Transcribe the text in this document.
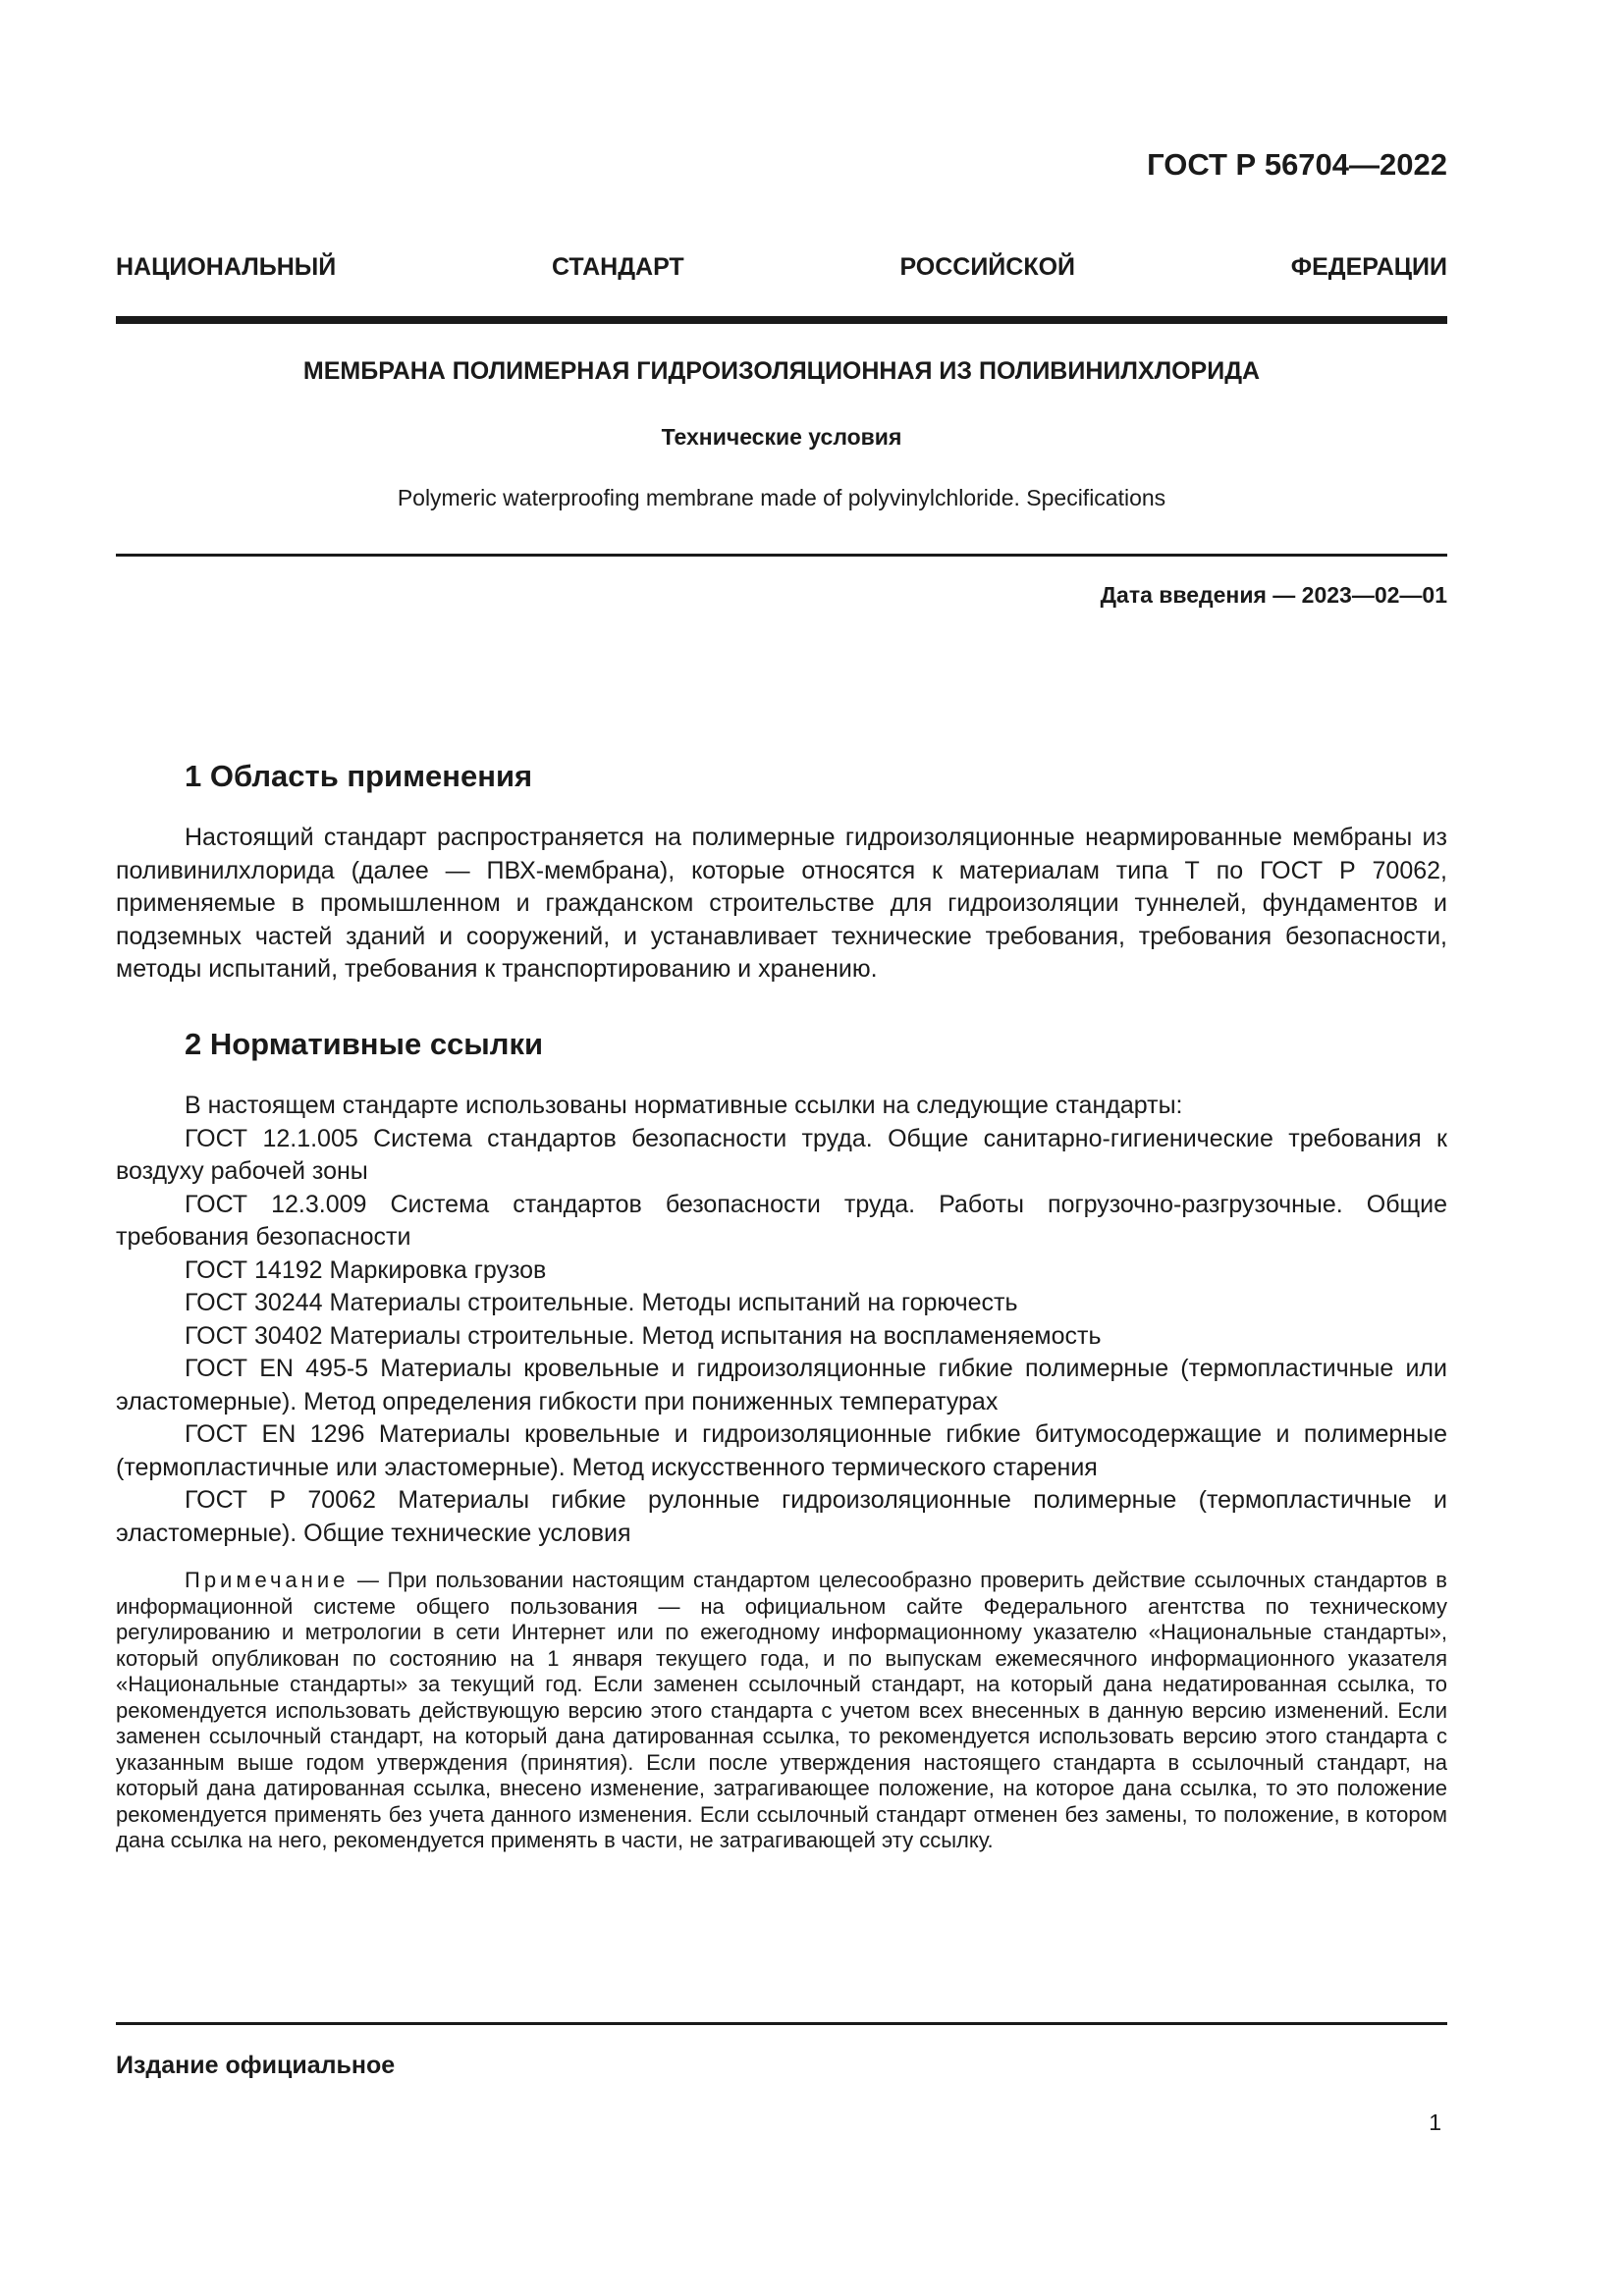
ГОСТ Р 56704—2022
НАЦИОНАЛЬНЫЙ СТАНДАРТ РОССИЙСКОЙ ФЕДЕРАЦИИ
МЕМБРАНА ПОЛИМЕРНАЯ ГИДРОИЗОЛЯЦИОННАЯ ИЗ ПОЛИВИНИЛХЛОРИДА
Технические условия
Polymeric waterproofing membrane made of polyvinylchloride. Specifications
Дата введения — 2023—02—01
1 Область применения

Настоящий стандарт распространяется на полимерные гидроизоляционные неармированные мембраны из поливинилхлорида (далее — ПВХ-мембрана), которые относятся к материалам типа Т по ГОСТ Р 70062, применяемые в промышленном и гражданском строительстве для гидроизоляции туннелей, фундаментов и подземных частей зданий и сооружений, и устанавливает технические требования, требования безопасности, методы испытаний, требования к транспортированию и хранению.

2 Нормативные ссылки

В настоящем стандарте использованы нормативные ссылки на следующие стандарты:

ГОСТ 12.1.005 Система стандартов безопасности труда. Общие санитарно-гигиенические требования к воздуху рабочей зоны

ГОСТ 12.3.009 Система стандартов безопасности труда. Работы погрузочно-разгрузочные. Общие требования безопасности

ГОСТ 14192 Маркировка грузов

ГОСТ 30244 Материалы строительные. Методы испытаний на горючесть

ГОСТ 30402 Материалы строительные. Метод испытания на воспламеняемость

ГОСТ EN 495-5 Материалы кровельные и гидроизоляционные гибкие полимерные (термопластичные или эластомерные). Метод определения гибкости при пониженных температурах

ГОСТ EN 1296 Материалы кровельные и гидроизоляционные гибкие битумосодержащие и полимерные (термопластичные или эластомерные). Метод искусственного термического старения

ГОСТ Р 70062 Материалы гибкие рулонные гидроизоляционные полимерные (термопластичные и эластомерные). Общие технические условия

Примечание — При пользовании настоящим стандартом целесообразно проверить действие ссылочных стандартов в информационной системе общего пользования — на официальном сайте Федерального агентства по техническому регулированию и метрологии в сети Интернет или по ежегодному информационному указателю «Национальные стандарты», который опубликован по состоянию на 1 января текущего года, и по выпускам ежемесячного информационного указателя «Национальные стандарты» за текущий год. Если заменен ссылочный стандарт, на который дана недатированная ссылка, то рекомендуется использовать действующую версию этого стандарта с учетом всех внесенных в данную версию изменений. Если заменен ссылочный стандарт, на который дана датированная ссылка, то рекомендуется использовать версию этого стандарта с указанным выше годом утверждения (принятия). Если после утверждения настоящего стандарта в ссылочный стандарт, на который дана датированная ссылка, внесено изменение, затрагивающее положение, на которое дана ссылка, то это положение рекомендуется применять без учета данного изменения. Если ссылочный стандарт отменен без замены, то положение, в котором дана ссылка на него, рекомендуется применять в части, не затрагивающей эту ссылку.

Издание официальное
1
